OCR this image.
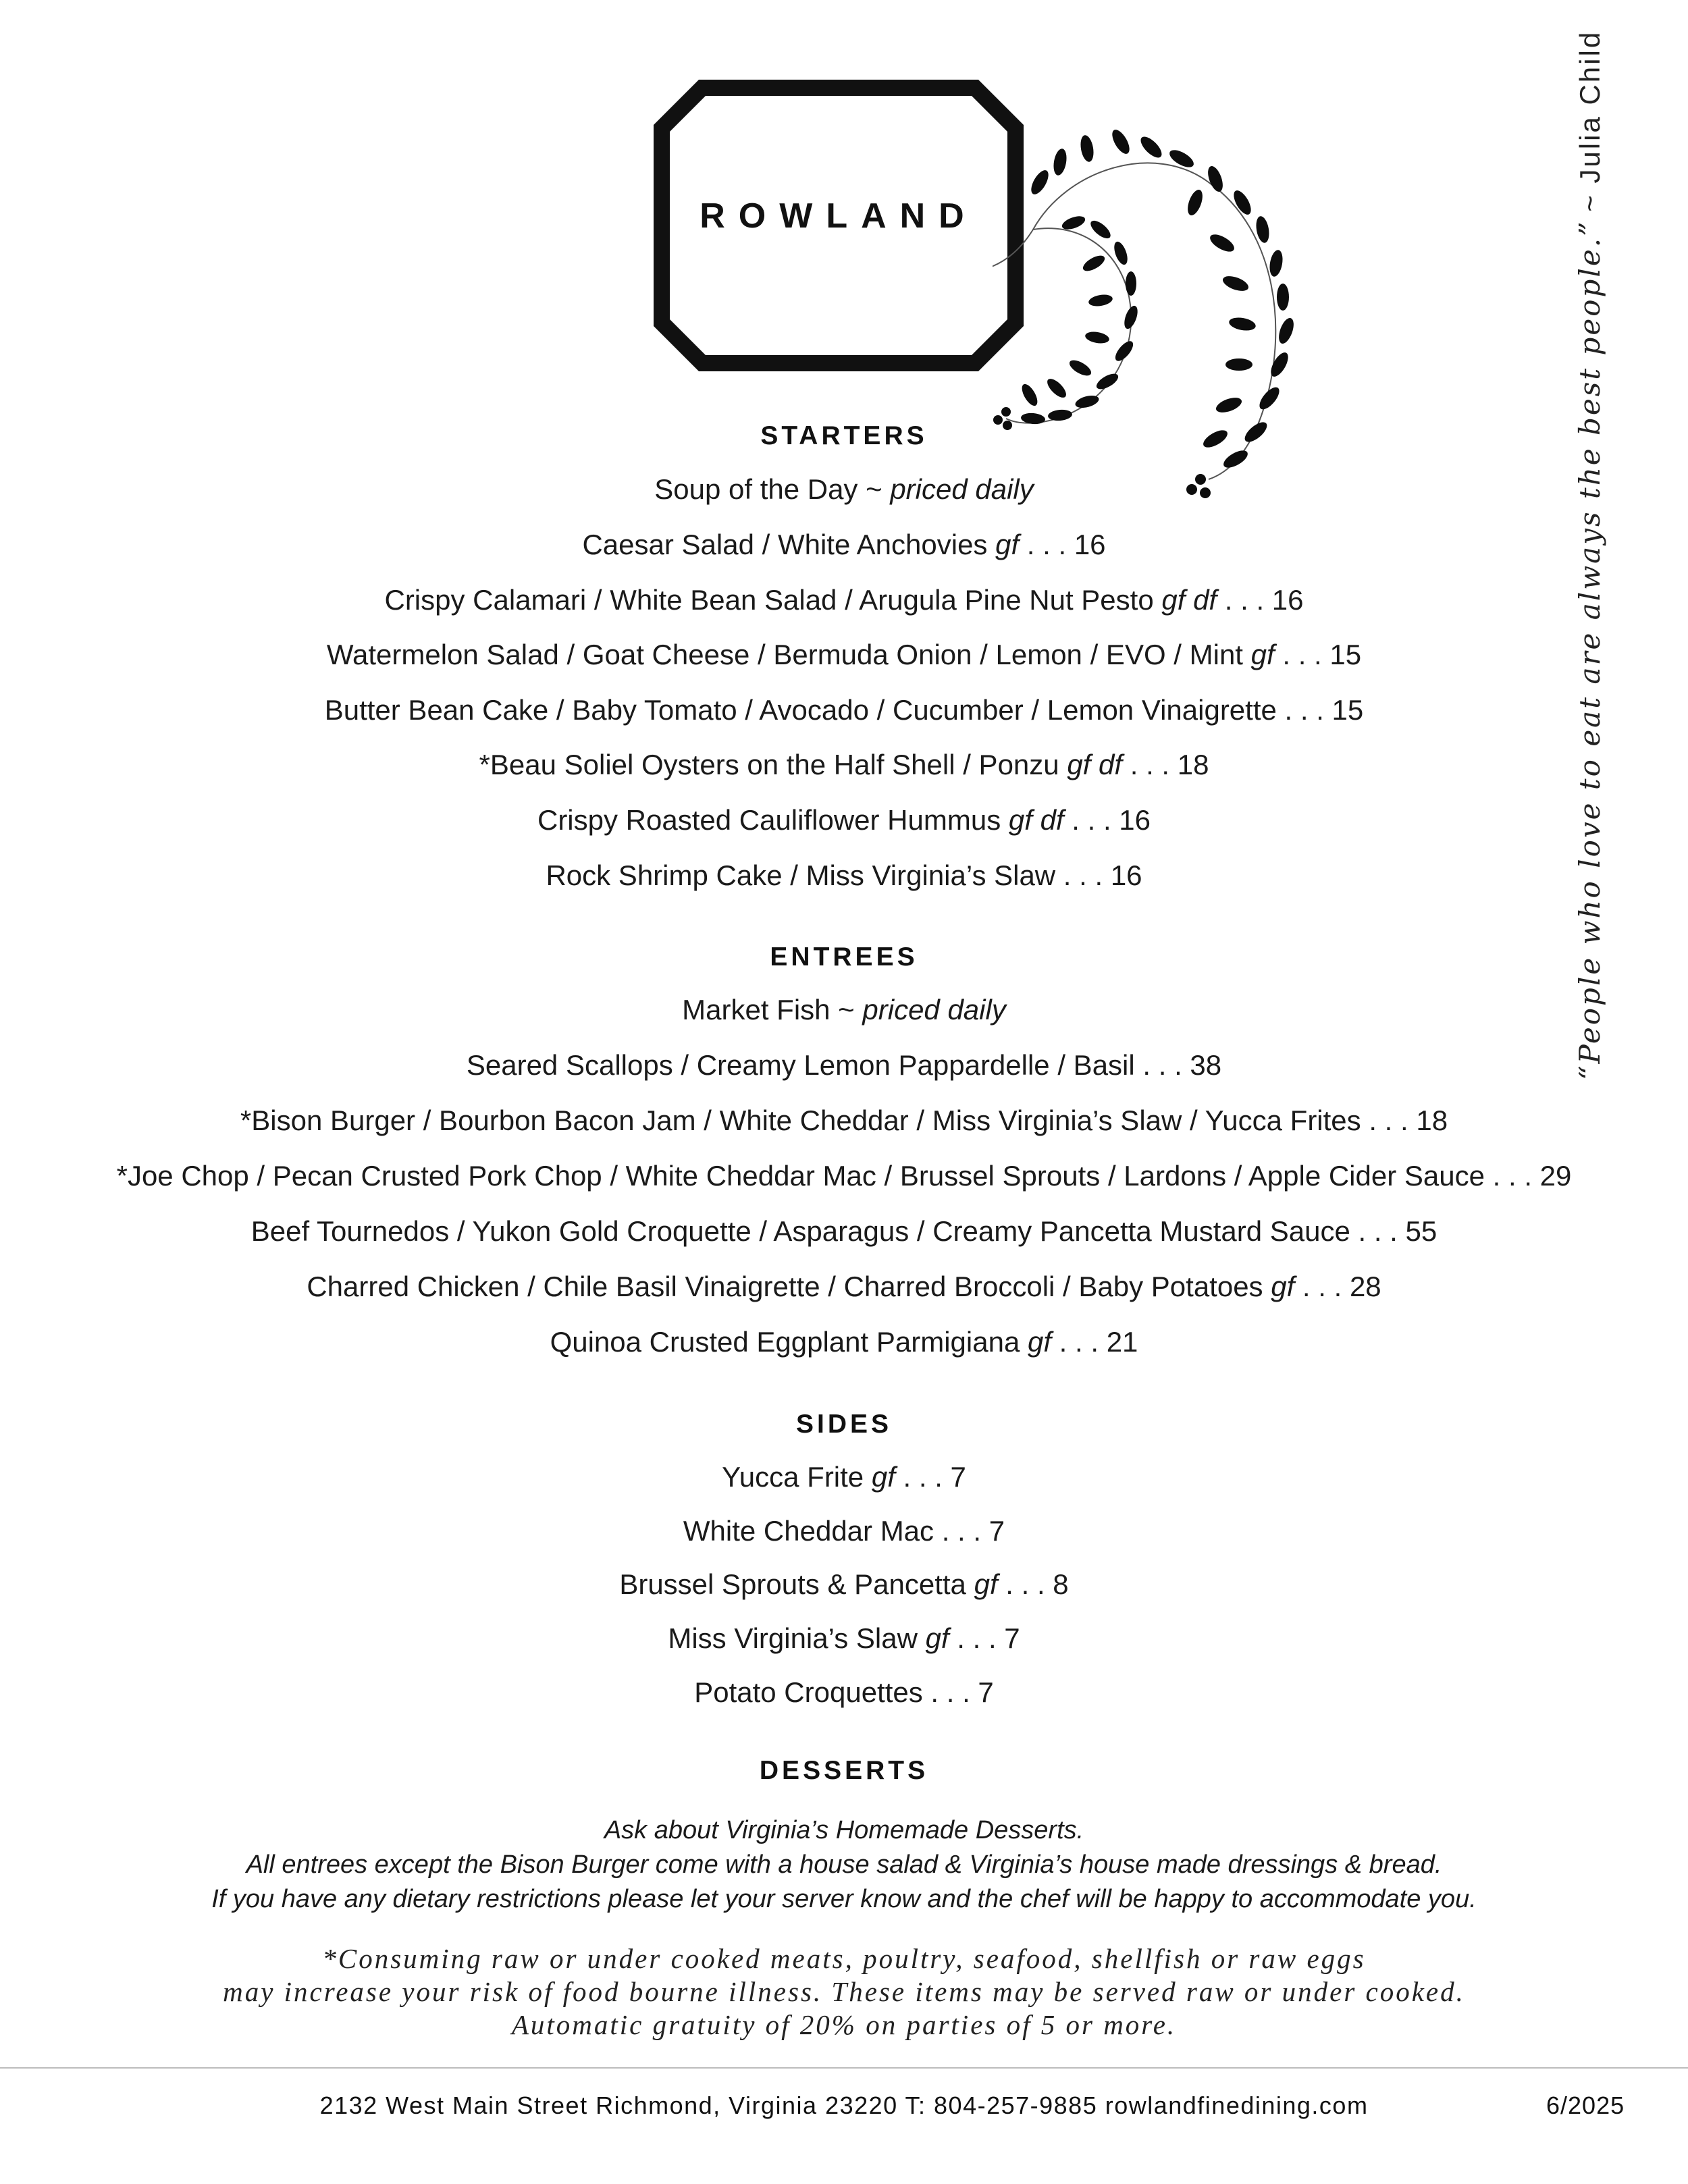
ROWLAND
“People who love to eat are always the best people.” ~ Julia Child
STARTERS
Soup of the Day ~ priced daily
Caesar Salad / White Anchovies gf . . . 16
Crispy Calamari / White Bean Salad / Arugula Pine Nut Pesto gf df . . . 16
Watermelon Salad / Goat Cheese / Bermuda Onion / Lemon / EVO / Mint gf . . . 15
Butter Bean Cake / Baby Tomato / Avocado / Cucumber / Lemon Vinaigrette . . . 15
*Beau Soliel Oysters on the Half Shell / Ponzu gf df . . . 18
Crispy Roasted Cauliflower Hummus gf df . . . 16
Rock Shrimp Cake / Miss Virginia’s Slaw . . . 16
ENTREES
Market Fish ~ priced daily
Seared Scallops / Creamy Lemon Pappardelle / Basil . . . 38
*Bison Burger / Bourbon Bacon Jam / White Cheddar / Miss Virginia’s Slaw / Yucca Frites . . . 18
*Joe Chop / Pecan Crusted Pork Chop / White Cheddar Mac / Brussel Sprouts / Lardons / Apple Cider Sauce . . . 29
Beef Tournedos / Yukon Gold Croquette / Asparagus / Creamy Pancetta Mustard Sauce . . . 55
Charred Chicken / Chile Basil Vinaigrette / Charred Broccoli / Baby Potatoes gf . . . 28
Quinoa Crusted Eggplant Parmigiana gf . . . 21
SIDES
Yucca Frite gf . . . 7
White Cheddar Mac . . . 7
Brussel Sprouts & Pancetta gf . . . 8
Miss Virginia’s Slaw gf . . . 7
Potato Croquettes . . . 7
DESSERTS
Ask about Virginia’s Homemade Desserts.
All entrees except the Bison Burger come with a house salad & Virginia’s house made dressings & bread.
If you have any dietary restrictions please let your server know and the chef will be happy to accommodate you.
*Consuming raw or under cooked meats, poultry, seafood, shellfish or raw eggs
may increase your risk of food bourne illness. These items may be served raw or under cooked.
Automatic gratuity of 20% on parties of 5 or more.
2132 West Main Street Richmond, Virginia 23220 T: 804-257-9885 rowlandfinedining.com	6/2025
